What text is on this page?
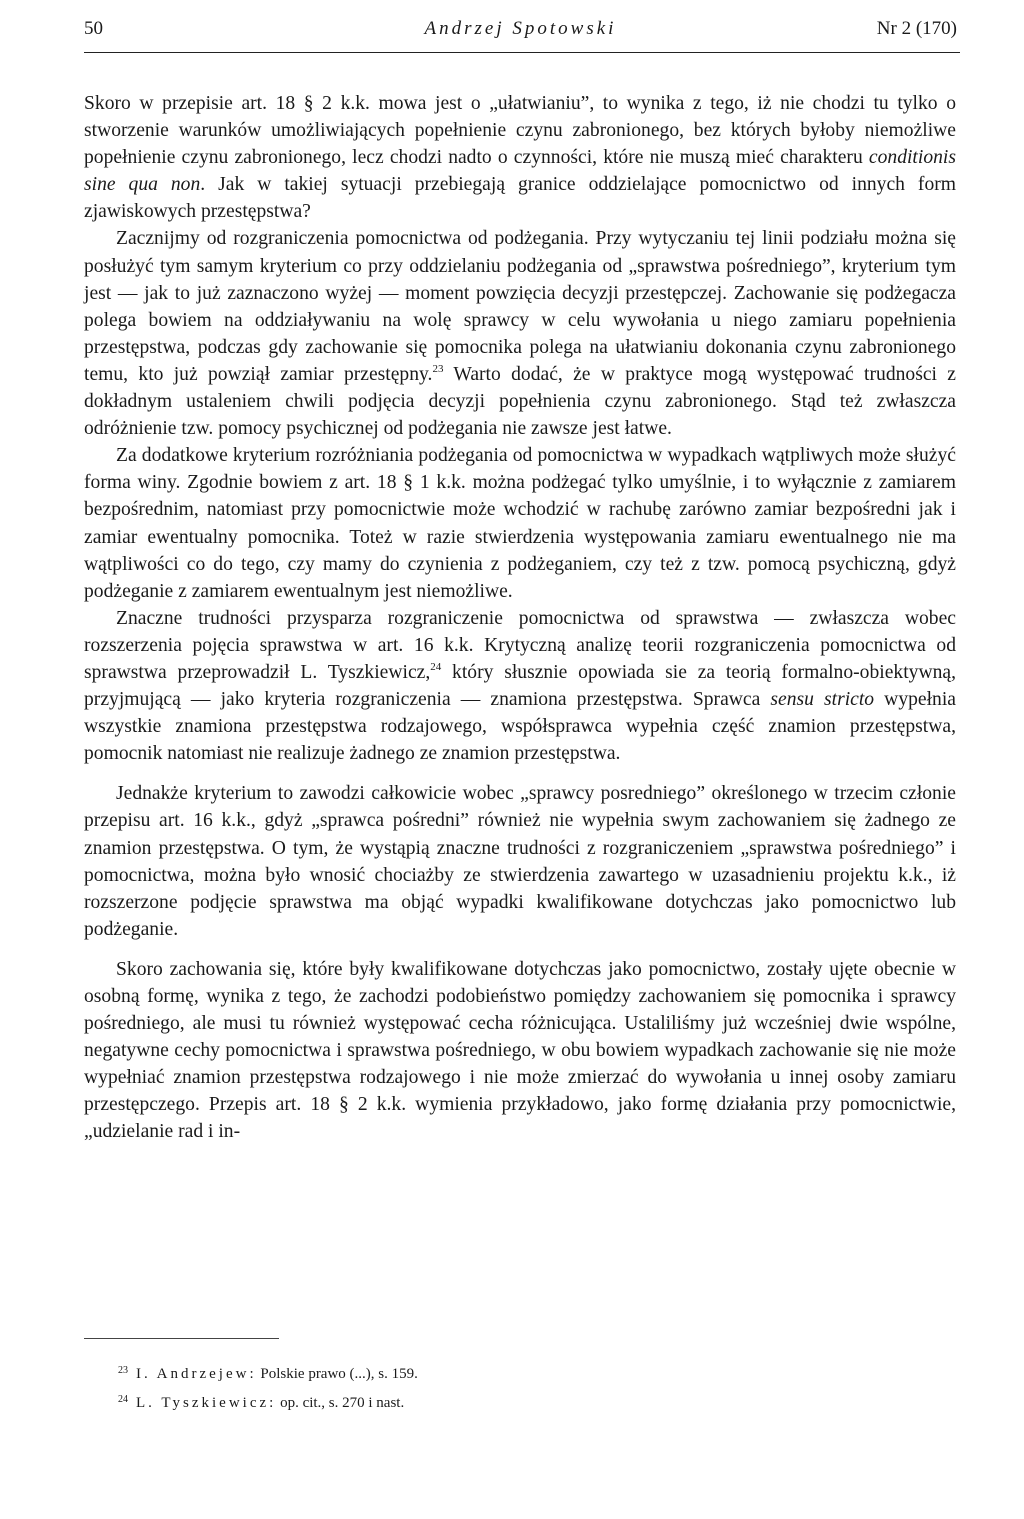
50	Andrzej Spotowski	Nr 2 (170)

Skoro w przepisie art. 18 § 2 k.k. mowa jest o „ułatwianiu”, to wynika z tego, iż nie chodzi tu tylko o stworzenie warunków umożliwiających popełnienie czynu zabronionego, bez których byłoby niemożliwe popełnienie czynu zabronionego, lecz chodzi nadto o czynności, które nie muszą mieć charakteru conditionis sine qua non. Jak w takiej sytuacji przebiegają granice oddzielające pomocnictwo od innych form zjawiskowych przestępstwa?

Zacznijmy od rozgraniczenia pomocnictwa od podżegania. Przy wytyczaniu tej linii podziału można się posłużyć tym samym kryterium co przy oddzielaniu podżegania od „sprawstwa pośredniego”, kryterium tym jest — jak to już zaznaczono wyżej — moment powzięcia decyzji przestępczej. Zachowanie się podżegacza polega bowiem na oddziaływaniu na wolę sprawcy w celu wywołania u niego zamiaru popełnienia przestępstwa, podczas gdy zachowanie się pomocnika polega na ułatwianiu dokonania czynu zabronionego temu, kto już powziął zamiar przestępny.$^{23}$ Warto dodać, że w praktyce mogą występować trudności z dokładnym ustaleniem chwili podjęcia decyzji popełnienia czynu zabronionego. Stąd też zwłaszcza odróżnienie tzw. pomocy psychicznej od podżegania nie zawsze jest łatwe.

Za dodatkowe kryterium rozróżniania podżegania od pomocnictwa w wypadkach wątpliwych może służyć forma winy. Zgodnie bowiem z art. 18 § 1 k.k. można podżegać tylko umyślnie, i to wyłącznie z zamiarem bezpośrednim, natomiast przy pomocnictwie może wchodzić w rachubę zarówno zamiar bezpośredni jak i zamiar ewentualny pomocnika. Toteż w razie stwierdzenia występowania zamiaru ewentualnego nie ma wątpliwości co do tego, czy mamy do czynienia z podżeganiem, czy też z tzw. pomocą psychiczną, gdyż podżeganie z zamiarem ewentualnym jest niemożliwe.

Znaczne trudności przysparza rozgraniczenie pomocnictwa od sprawstwa — zwłaszcza wobec rozszerzenia pojęcia sprawstwa w art. 16 k.k. Krytyczną analizę teorii rozgraniczenia pomocnictwa od sprawstwa przeprowadził L. Tyszkiewicz,$^{24}$ który słusznie opowiada sie za teorią formalno-obiektywną, przyjmującą — jako kryteria rozgraniczenia — znamiona przestępstwa. Sprawca sensu stricto wypełnia wszystkie znamiona przestępstwa rodzajowego, współsprawca wypełnia część znamion przestępstwa, pomocnik natomiast nie realizuje żadnego ze znamion przestępstwa.

Jednakże kryterium to zawodzi całkowicie wobec „sprawcy posredniego” określonego w trzecim członie przepisu art. 16 k.k., gdyż „sprawca pośredni” również nie wypełnia swym zachowaniem się żadnego ze znamion przestępstwa. O tym, że wystąpią znaczne trudności z rozgraniczeniem „sprawstwa pośredniego” i pomocnictwa, można było wnosić chociażby ze stwierdzenia zawartego w uzasadnieniu projektu k.k., iż rozszerzone podjęcie sprawstwa ma objąć wypadki kwalifikowane dotychczas jako pomocnictwo lub podżeganie.

Skoro zachowania się, które były kwalifikowane dotychczas jako pomocnictwo, zostały ujęte obecnie w osobną formę, wynika z tego, że zachodzi podobieństwo pomiędzy zachowaniem się pomocnika i sprawcy pośredniego, ale musi tu również występować cecha różnicująca. Ustaliliśmy już wcześniej dwie wspólne, negatywne cechy pomocnictwa i sprawstwa pośredniego, w obu bowiem wypadkach zachowanie się nie może wypełniać znamion przestępstwa rodzajowego i nie może zmierzać do wywołania u innej osoby zamiaru przestępczego. Przepis art. 18 § 2 k.k. wymienia przykładowo, jako formę działania przy pomocnictwie, „udzielanie rad i in-

$^{23}$ I. Andrzejew: Polskie prawo (...), s. 159.
$^{24}$ L. Tyszkiewicz: op. cit., s. 270 i nast.
